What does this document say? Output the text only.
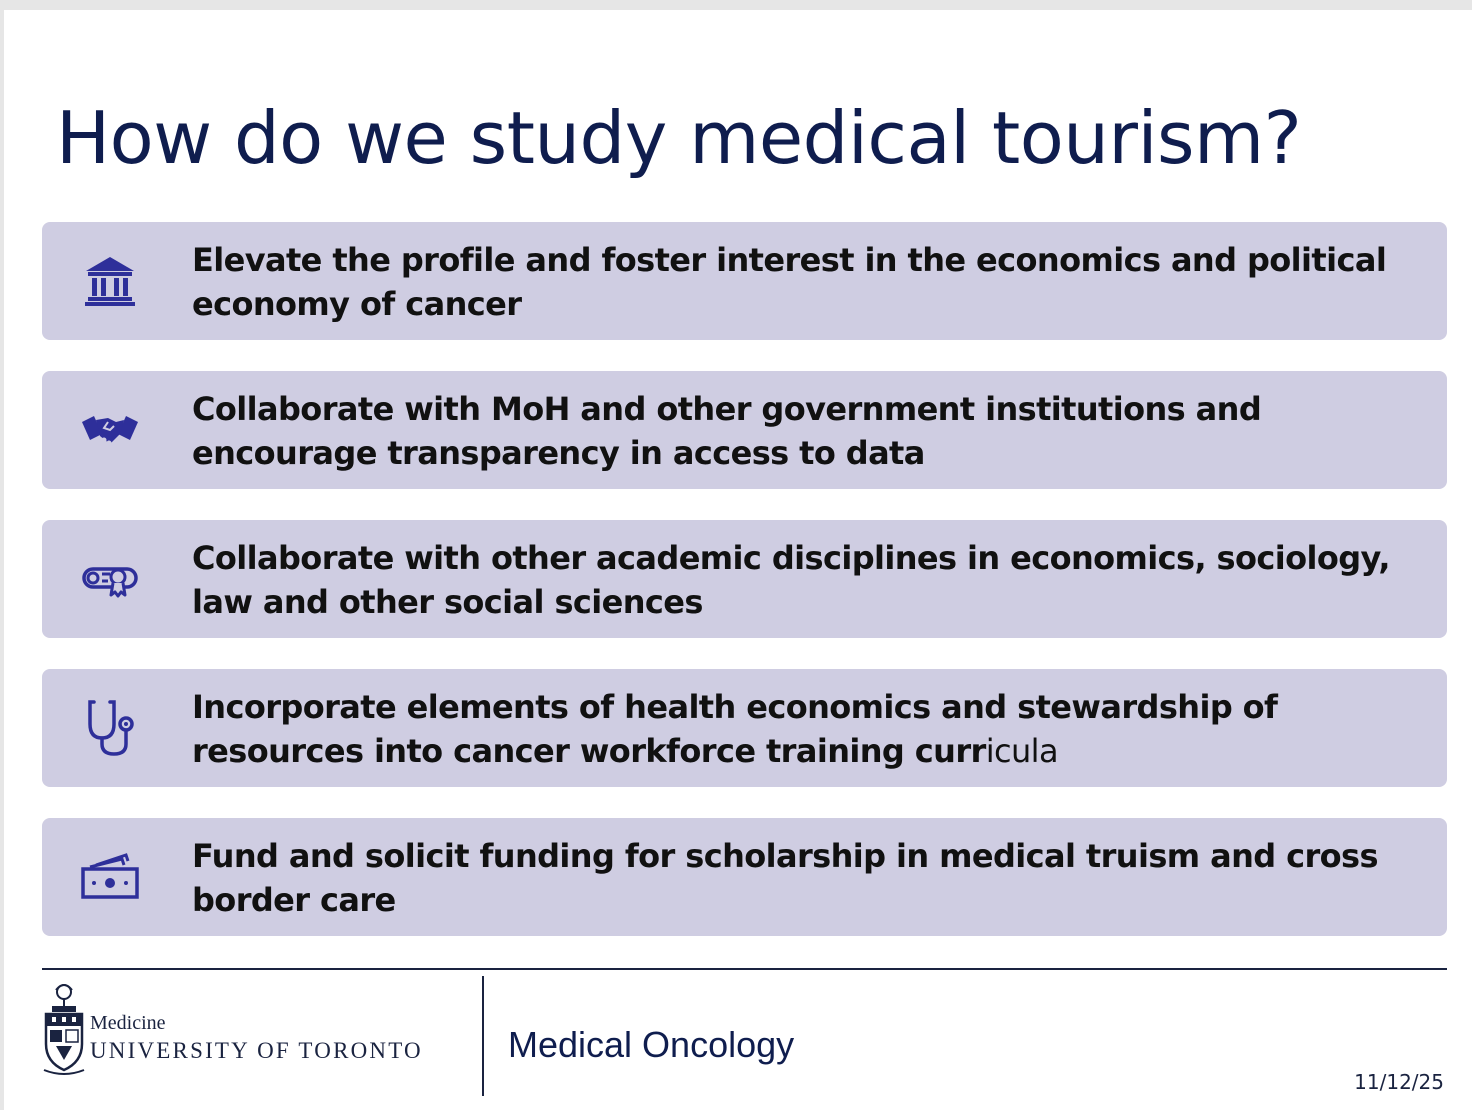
How do we study medical tourism?
Elevate the profile and foster interest in the economics and political economy of cancer
Collaborate with MoH and other government institutions and encourage transparency in access to data
Collaborate with other academic disciplines in economics, sociology, law and other social sciences
Incorporate elements of health economics and stewardship of resources into cancer workforce training curricula
Fund and solicit funding for scholarship in medical truism and cross border care
Medicine
UNIVERSITY OF TORONTO Medical Oncology
11/12/25
